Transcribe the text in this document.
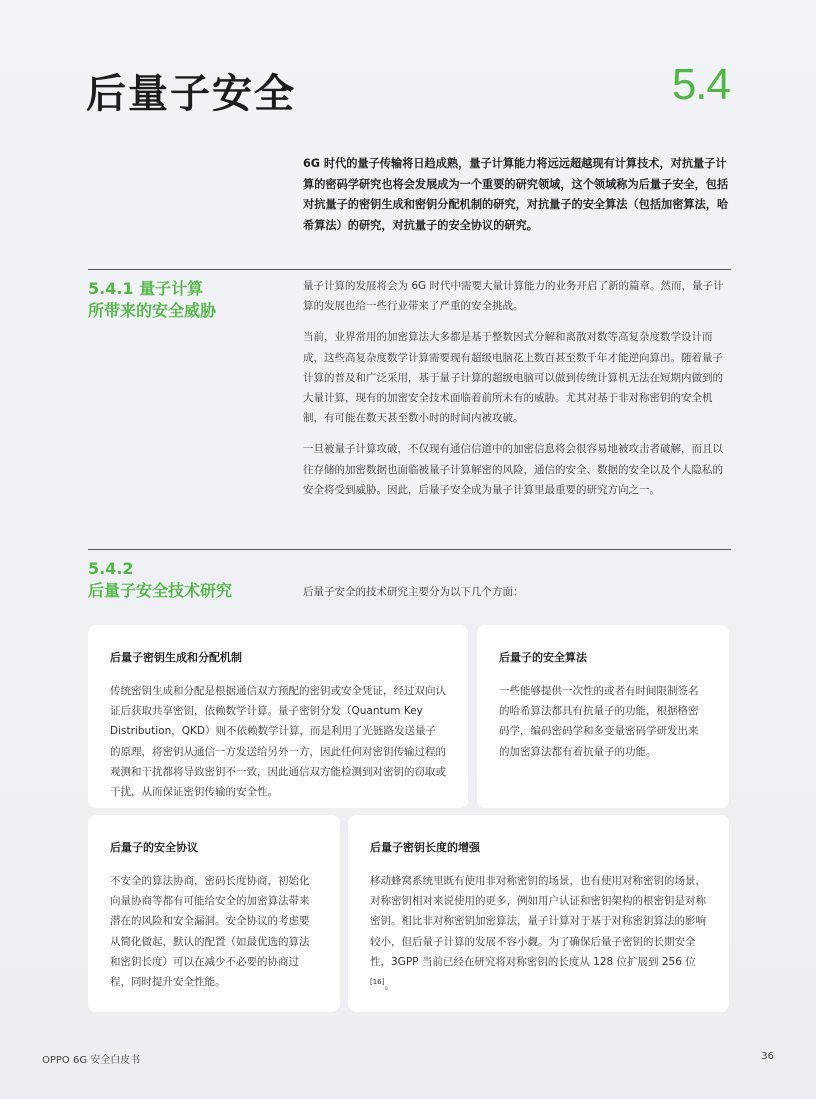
后量子安全	5.4

6G 时代的量子传输将日趋成熟，量子计算能力将远远超越现有计算技术，对抗量子计算的密码学研究也将会发展成为一个重要的研究领域，这个领域称为后量子安全，包括对抗量子的密钥生成和密钥分配机制的研究，对抗量子的安全算法（包括加密算法，哈希算法）的研究，对抗量子的安全协议的研究。

5.4.1 量子计算
所带来的安全威胁

量子计算的发展将会为 6G 时代中需要大量计算能力的业务开启了新的篇章。然而，量子计算的发展也给一些行业带来了严重的安全挑战。

当前，业界常用的加密算法大多都是基于整数因式分解和离散对数等高复杂度数学设计而成，这些高复杂度数学计算需要现有超级电脑花上数百甚至数千年才能逆向算出。随着量子计算的普及和广泛采用，基于量子计算的超级电脑可以做到传统计算机无法在短期内做到的大量计算，现有的加密安全技术面临着前所未有的威胁。尤其对基于非对称密钥的安全机制，有可能在数天甚至数小时的时间内被攻破。

一旦被量子计算攻破，不仅现有通信信道中的加密信息将会很容易地被攻击者破解，而且以往存储的加密数据也面临被量子计算解密的风险，通信的安全、数据的安全以及个人隐私的安全将受到威胁。因此，后量子安全成为量子计算里最重要的研究方向之一。

5.4.2
后量子安全技术研究	后量子安全的技术研究主要分为以下几个方面：

后量子密钥生成和分配机制

传统密钥生成和分配是根据通信双方预配的密钥或安全凭证，经过双向认证后获取共享密钥，依赖数学计算。量子密钥分发（Quantum Key Distribution，QKD）则不依赖数学计算，而是利用了光链路发送量子的原理，将密钥从通信一方发送给另外一方，因此任何对密钥传输过程的观测和干扰都将导致密钥不一致，因此通信双方能检测到对密钥的窃取或干扰，从而保证密钥传输的安全性。

后量子的安全算法

一些能够提供一次性的或者有时间限制签名的哈希算法都具有抗量子的功能，根据格密码学，编码密码学和多变量密码学研发出来的加密算法都有着抗量子的功能。

后量子的安全协议

不安全的算法协商，密码长度协商，初始化向量协商等都有可能给安全的加密算法带来潜在的风险和安全漏洞。安全协议的考虑要从简化做起，默认的配置（如最优选的算法和密钥长度）可以在减少不必要的协商过程，同时提升安全性能。

后量子密钥长度的增强

移动蜂窝系统里既有使用非对称密钥的场景，也有使用对称密钥的场景，对称密钥相对来说使用的更多，例如用户认证和密钥架构的根密钥是对称密钥。相比非对称密钥加密算法，量子计算对于基于对称密钥算法的影响较小，但后量子计算的发展不容小觑。为了确保后量子密钥的长期安全性，3GPP 当前已经在研究将对称密钥的长度从 128 位扩展到 256 位 [16]。

OPPO 6G 安全白皮书	36
